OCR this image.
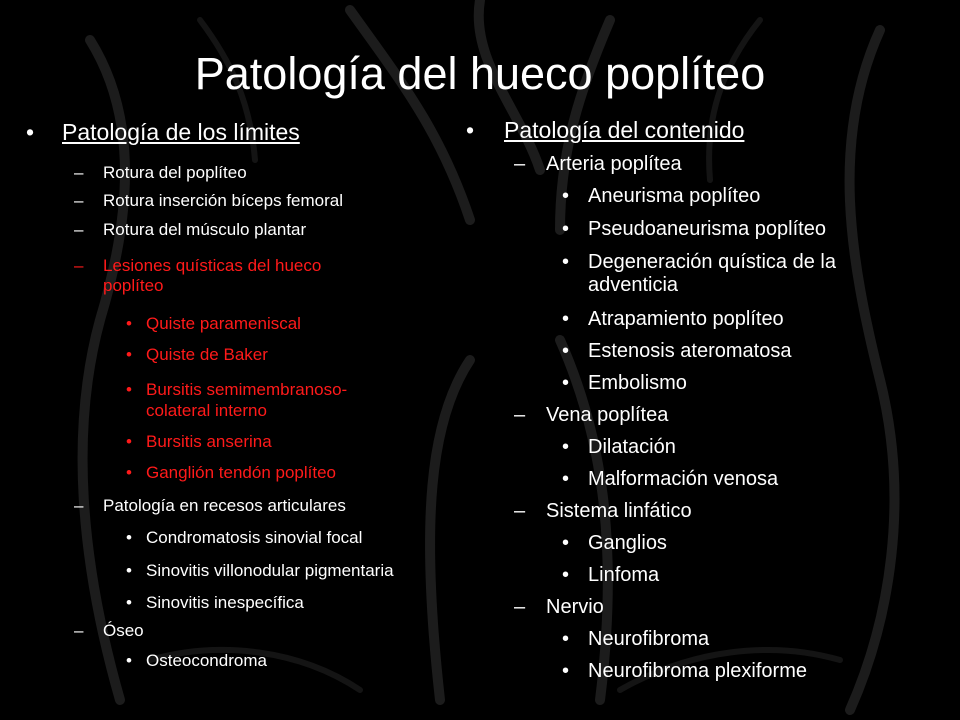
Patología del hueco poplíteo
• Patología de los límites
– Rotura del poplíteo
– Rotura inserción bíceps femoral
– Rotura del músculo plantar
– Lesiones quísticas del hueco
poplíteo
• Quiste parameniscal
• Quiste de Baker
• Bursitis semimembranoso-
colateral interno
• Bursitis anserina
• Ganglión tendón poplíteo
– Patología en recesos articulares
• Condromatosis sinovial focal
• Sinovitis villonodular pigmentaria
• Sinovitis inespecífica
– Óseo
• Osteocondroma
• Patología del contenido
– Arteria poplítea
• Aneurisma poplíteo
• Pseudoaneurisma poplíteo
• Degeneración quística de la
adventicia
• Atrapamiento poplíteo
• Estenosis ateromatosa
• Embolismo
– Vena poplítea
• Dilatación
• Malformación venosa
– Sistema linfático
• Ganglios
• Linfoma
– Nervio
• Neurofibroma
• Neurofibroma plexiforme
